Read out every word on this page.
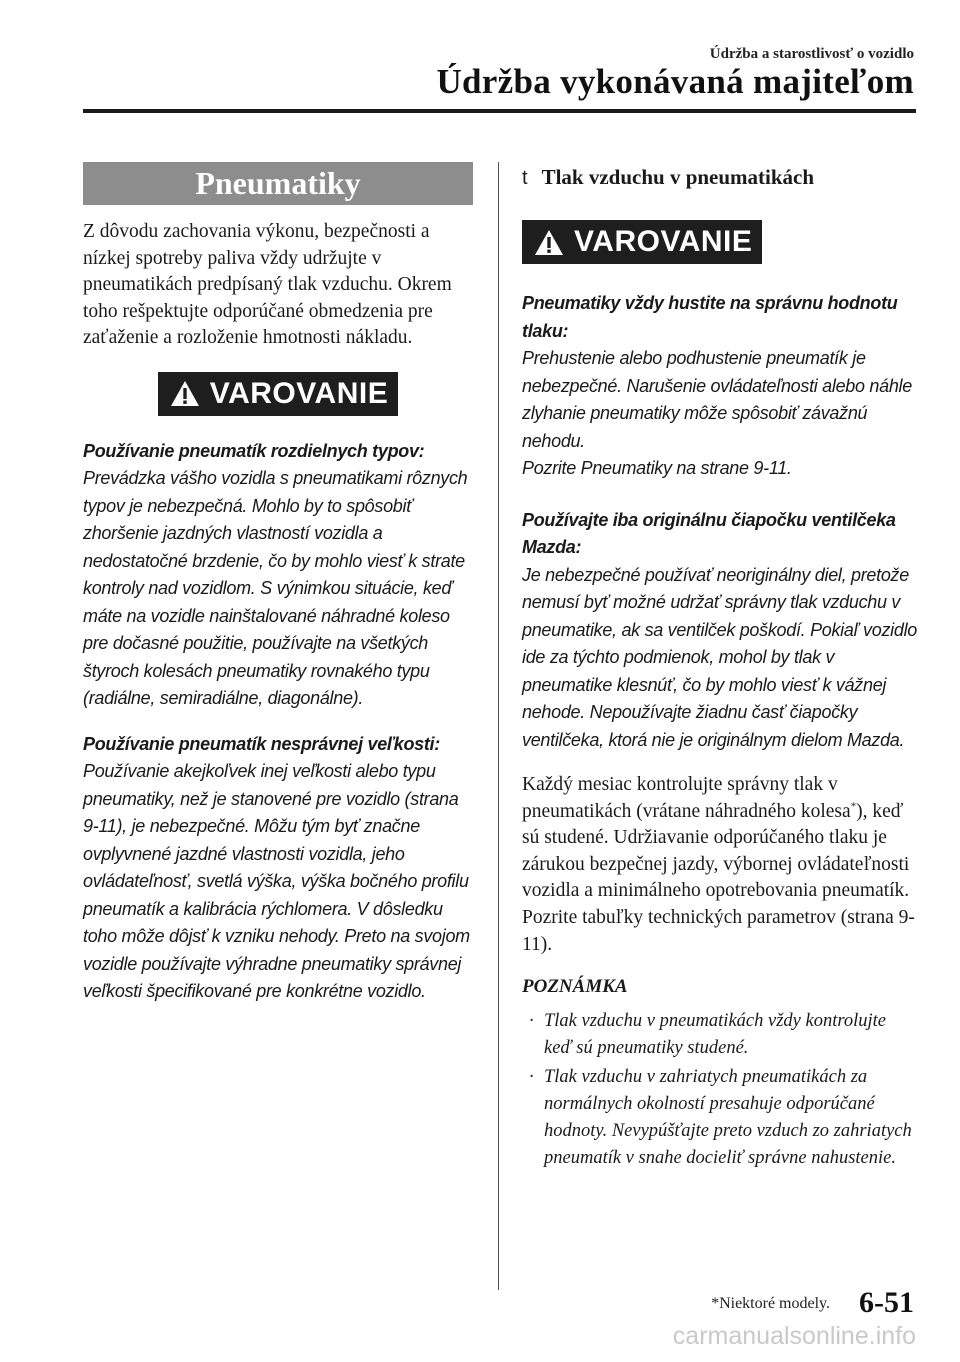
Údržba a starostlivosť o vozidlo
Údržba vykonávaná majiteľom
Pneumatiky

Z dôvodu zachovania výkonu, bezpečnosti a nízkej spotreby paliva vždy udržujte v pneumatikách predpísaný tlak vzduchu. Okrem toho rešpektujte odporúčané obmedzenia pre zaťaženie a rozloženie hmotnosti nákladu.

VAROVANIE

Používanie pneumatík rozdielnych typov:

Prevádzka vášho vozidla s pneumatikami rôznych typov je nebezpečná. Mohlo by to spôsobiť zhoršenie jazdných vlastností vozidla a nedostatočné brzdenie, čo by mohlo viesť k strate kontroly nad vozidlom. S výnimkou situácie, keď máte na vozidle nainštalované náhradné koleso pre dočasné použitie, používajte na všetkých štyroch kolesách pneumatiky rovnakého typu (radiálne, semiradiálne, diagonálne).

Používanie pneumatík nesprávnej veľkosti:

Používanie akejkoľvek inej veľkosti alebo typu pneumatiky, než je stanovené pre vozidlo (strana 9-11), je nebezpečné. Môžu tým byť značne ovplyvnené jazdné vlastnosti vozidla, jeho ovládateľnosť, svetlá výška, výška bočného profilu pneumatík a kalibrácia rýchlomera. V dôsledku toho môže dôjsť k vzniku nehody. Preto na svojom vozidle používajte výhradne pneumatiky správnej veľkosti špecifikované pre konkrétne vozidlo.

t Tlak vzduchu v pneumatikách
VAROVANIE

Pneumatiky vždy hustite na správnu hodnotu tlaku:

Prehustenie alebo podhustenie pneumatík je nebezpečné. Narušenie ovládateľnosti alebo náhle zlyhanie pneumatiky môže spôsobiť závažnú nehodu.

Pozrite Pneumatiky na strane 9-11.

Používajte iba originálnu čiapočku ventilčeka Mazda:

Je nebezpečné používať neoriginálny diel, pretože nemusí byť možné udržať správny tlak vzduchu v pneumatike, ak sa ventilček poškodí. Pokiaľ vozidlo ide za týchto podmienok, mohol by tlak v pneumatike klesnúť, čo by mohlo viesť k vážnej nehode. Nepoužívajte žiadnu časť čiapočky ventilčeka, ktorá nie je originálnym dielom Mazda.

Každý mesiac kontrolujte správny tlak v pneumatikách (vrátane náhradného kolesa*), keď sú studené. Udržiavanie odporúčaného tlaku je zárukou bezpečnej jazdy, výbornej ovládateľnosti vozidla a minimálneho opotrebovania pneumatík. Pozrite tabuľky technických parametrov (strana 9-11).

POZNÁMKA

· Tlak vzduchu v pneumatikách vždy kontrolujte keď sú pneumatiky studené.

· Tlak vzduchu v zahriatych pneumatikách za normálnych okolností presahuje odporúčané hodnoty. Nevypúšťajte preto vzduch zo zahriatych pneumatík v snahe docieliť správne nahustenie.

*Niektoré modely. 6-51
carmanualsonline.info
